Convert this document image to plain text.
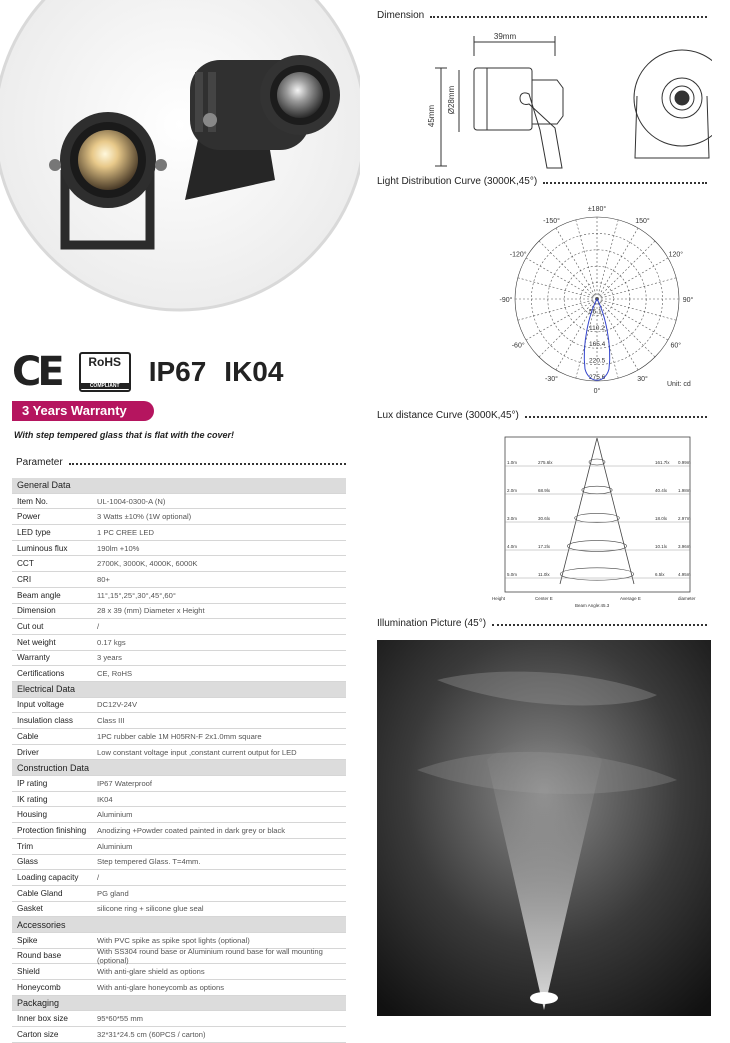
CE RoHS
COMPLIANT	IP67 IK04
3 Years Warranty
With step tempered glass that is flat with the cover!
Parameter
General Data
Item No.	UL-1004-0300-A (N)
Power	3 Watts ±10% (1W optional)
LED type	1 PC CREE LED
Luminous flux	190lm +10%
CCT	2700K, 3000K, 4000K, 6000K
CRI	80+
Beam angle	11°,15°,25°,30°,45°,60°
Dimension	28 x 39 (mm) Diameter x Height
Cut out	/
Net weight	0.17 kgs
Warranty	3 years
Certifications	CE, RoHS
Electrical Data
Input voltage	DC12V-24V
Insulation class	Class III
Cable	1PC rubber cable 1M H05RN-F 2x1.0mm square
Driver	Low constant voltage input ,constant current output for LED
Construction Data
IP rating	IP67 Waterproof
IK rating	IK04
Housing	Aluminium
Protection finishing	Anodizing +Powder coated painted in dark grey or black
Trim	Aluminium
Glass	Step tempered Glass. T=4mm.
Loading capacity	/
Cable Gland	PG gland
Gasket	silicone ring + silicone glue seal
Accessories
Spike	With PVC spike as spike spot lights (optional)
Round base	With SS304 round base or Aluminium round base for wall mounting (optional)
Shield	With anti-glare shield as options
Honeycomb	With anti-glare honeycomb as options
Packaging
Inner box size	95*60*55 mm
Carton size	32*31*24.5 cm (60PCS / carton)
Dimension
39mm
45mm
Ø28mm
Light Distribution Curve (3000K,45°)
±180°
150°
-150°
120°
-120°
90°
-90°
60°
-60°
30°
-30°
0°
55.1
110.2
165.4
220.5
275.6
Unit: cd
Lux distance Curve (3000K,45°)
1.0m	275.6lx	161.7lx 0.99m
2.0m	68.9lx	40.4lx 1.98m
3.0m	30.6lx	18.0lx 2.97m
4.0m	17.2lx	10.1lx 3.96m
5.0m	11.0lx	6.5lx	4.95m
Height	Center E	Average E	diameter
Beam Angle:45.3
Illumination Picture (45°)
